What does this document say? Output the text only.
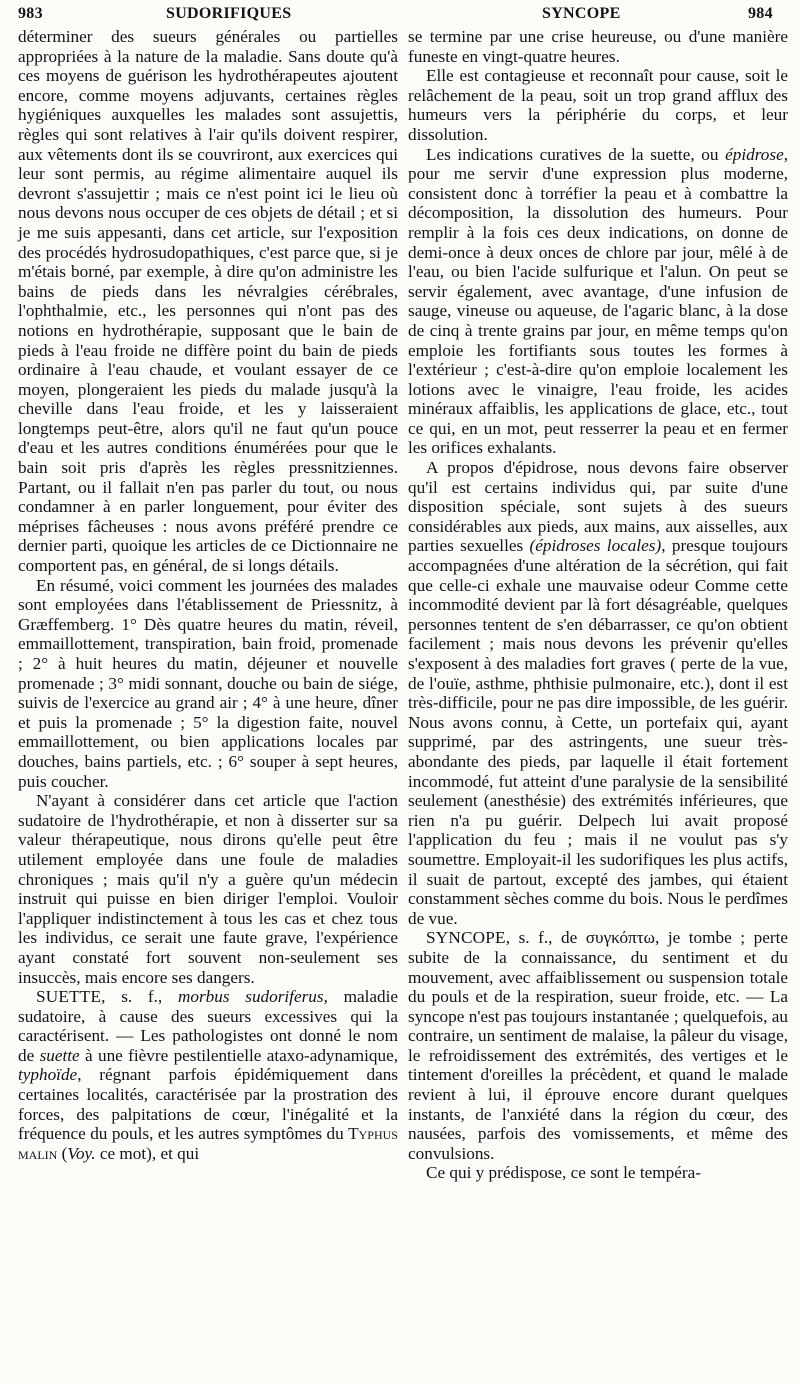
983	SUDORIFIQUES	SYNCOPE	984

déterminer des sueurs générales ou partielles appropriées à la nature de la maladie. Sans doute qu'à ces moyens de guérison les hydrothérapeutes ajoutent encore, comme moyens adjuvants, certaines règles hygiéniques auxquelles les malades sont assujettis, règles qui sont relatives à l'air qu'ils doivent respirer, aux vêtements dont ils se couvriront, aux exercices qui leur sont permis, au régime alimentaire auquel ils devront s'assujettir ; mais ce n'est point ici le lieu où nous devons nous occuper de ces objets de détail ; et si je me suis appesanti, dans cet article, sur l'exposition des procédés hydrosudopathiques, c'est parce que, si je m'étais borné, par exemple, à dire qu'on administre les bains de pieds dans les névralgies cérébrales, l'ophthalmie, etc., les personnes qui n'ont pas des notions en hydrothérapie, supposant que le bain de pieds à l'eau froide ne diffère point du bain de pieds ordinaire à l'eau chaude, et voulant essayer de ce moyen, plongeraient les pieds du malade jusqu'à la cheville dans l'eau froide, et les y laisseraient longtemps peut-être, alors qu'il ne faut qu'un pouce d'eau et les autres conditions énumérées pour que le bain soit pris d'après les règles pressnitziennes. Partant, ou il fallait n'en pas parler du tout, ou nous condamner à en parler longuement, pour éviter des méprises fâcheuses : nous avons préféré prendre ce dernier parti, quoique les articles de ce Dictionnaire ne comportent pas, en général, de si longs détails.

En résumé, voici comment les journées des malades sont employées dans l'établissement de Priessnitz, à Græffemberg. 1° Dès quatre heures du matin, réveil, emmaillottement, transpiration, bain froid, promenade ; 2° à huit heures du matin, déjeuner et nouvelle promenade ; 3° midi sonnant, douche ou bain de siége, suivis de l'exercice au grand air ; 4° à une heure, dîner et puis la promenade ; 5° la digestion faite, nouvel emmaillottement, ou bien applications locales par douches, bains partiels, etc. ; 6° souper à sept heures, puis coucher.

N'ayant à considérer dans cet article que l'action sudatoire de l'hydrothérapie, et non à disserter sur sa valeur thérapeutique, nous dirons qu'elle peut être utilement employée dans une foule de maladies chroniques ; mais qu'il n'y a guère qu'un médecin instruit qui puisse en bien diriger l'emploi. Vouloir l'appliquer indistinctement à tous les cas et chez tous les individus, ce serait une faute grave, l'expérience ayant constaté fort souvent non-seulement ses insuccès, mais encore ses dangers.

SUETTE, s. f., morbus sudoriferus, maladie sudatoire, à cause des sueurs excessives qui la caractérisent. — Les pathologistes ont donné le nom de suette à une fièvre pestilentielle ataxo-adynamique, typhoïde, régnant parfois épidémiquement dans certaines localités, caractérisée par la prostration des forces, des palpitations de cœur, l'inégalité et la fréquence du pouls, et les autres symptômes du Typhus malin (Voy. ce mot), et qui

se termine par une crise heureuse, ou d'une manière funeste en vingt-quatre heures.

Elle est contagieuse et reconnaît pour cause, soit le relâchement de la peau, soit un trop grand afflux des humeurs vers la périphérie du corps, et leur dissolution.

Les indications curatives de la suette, ou épidrose, pour me servir d'une expression plus moderne, consistent donc à torréfier la peau et à combattre la décomposition, la dissolution des humeurs. Pour remplir à la fois ces deux indications, on donne de demi-once à deux onces de chlore par jour, mêlé à de l'eau, ou bien l'acide sulfurique et l'alun. On peut se servir également, avec avantage, d'une infusion de sauge, vineuse ou aqueuse, de l'agaric blanc, à la dose de cinq à trente grains par jour, en même temps qu'on emploie les fortifiants sous toutes les formes à l'extérieur ; c'est-à-dire qu'on emploie localement les lotions avec le vinaigre, l'eau froide, les acides minéraux affaiblis, les applications de glace, etc., tout ce qui, en un mot, peut resserrer la peau et en fermer les orifices exhalants.

A propos d'épidrose, nous devons faire observer qu'il est certains individus qui, par suite d'une disposition spéciale, sont sujets à des sueurs considérables aux pieds, aux mains, aux aisselles, aux parties sexuelles (épidroses locales), presque toujours accompagnées d'une altération de la sécrétion, qui fait que celle-ci exhale une mauvaise odeur Comme cette incommodité devient par là fort désagréable, quelques personnes tentent de s'en débarrasser, ce qu'on obtient facilement ; mais nous devons les prévenir qu'elles s'exposent à des maladies fort graves ( perte de la vue, de l'ouïe, asthme, phthisie pulmonaire, etc.), dont il est très-difficile, pour ne pas dire impossible, de les guérir. Nous avons connu, à Cette, un portefaix qui, ayant supprimé, par des astringents, une sueur très-abondante des pieds, par laquelle il était fortement incommodé, fut atteint d'une paralysie de la sensibilité seulement (anesthésie) des extrémités inférieures, que rien n'a pu guérir. Delpech lui avait proposé l'application du feu ; mais il ne voulut pas s'y soumettre. Employait-il les sudorifiques les plus actifs, il suait de partout, excepté des jambes, qui étaient constamment sèches comme du bois. Nous le perdîmes de vue.

SYNCOPE, s. f., de συγκόπτω, je tombe ; perte subite de la connaissance, du sentiment et du mouvement, avec affaiblissement ou suspension totale du pouls et de la respiration, sueur froide, etc. — La syncope n'est pas toujours instantanée ; quelquefois, au contraire, un sentiment de malaise, la pâleur du visage, le refroidissement des extrémités, des vertiges et le tintement d'oreilles la précèdent, et quand le malade revient à lui, il éprouve encore durant quelques instants, de l'anxiété dans la région du cœur, des nausées, parfois des vomissements, et même des convulsions.

Ce qui y prédispose, ce sont le tempéra-
